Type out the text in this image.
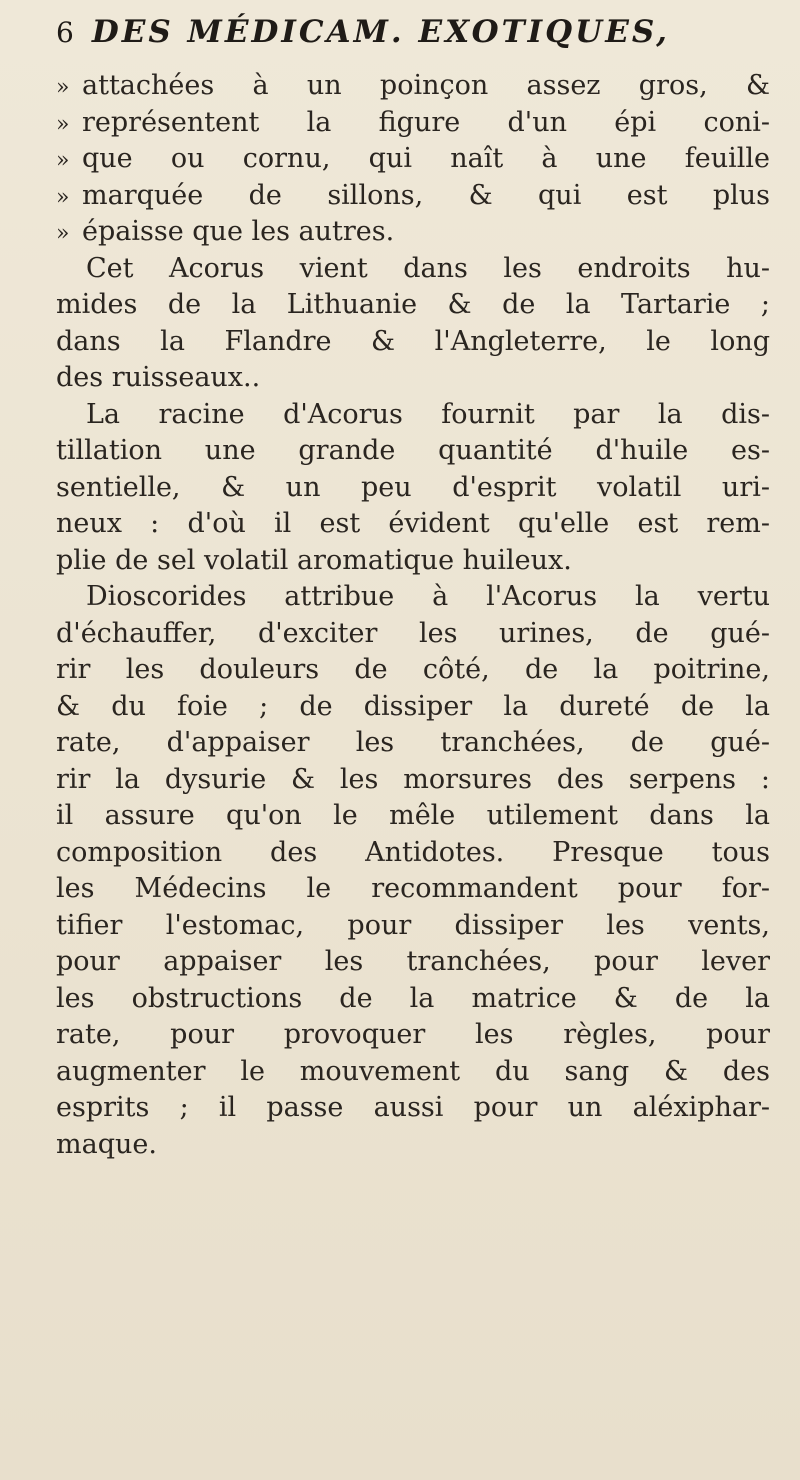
6 DES MÉDICAM. EXOTIQUES,
» attachées à un poinçon assez gros, &
» représentent la figure d'un épi coni-
» que ou cornu, qui naît à une feuille
» marquée de sillons, & qui est plus
» épaisse que les autres.
Cet Acorus vient dans les endroits hu-
mides de la Lithuanie & de la Tartarie ;
dans la Flandre & l'Angleterre, le long
des ruisseaux..
La racine d'Acorus fournit par la dis-
tillation une grande quantité d'huile es-
sentielle, & un peu d'esprit volatil uri-
neux : d'où il est évident qu'elle est rem-
plie de sel volatil aromatique huileux.
Dioscorides attribue à l'Acorus la vertu
d'échauffer, d'exciter les urines, de gué-
rir les douleurs de côté, de la poitrine,
& du foie ; de dissiper la dureté de la
rate, d'appaiser les tranchées, de gué-
rir la dysurie & les morsures des serpens :
il assure qu'on le mêle utilement dans la
composition des Antidotes. Presque tous
les Médecins le recommandent pour for-
tifier l'estomac, pour dissiper les vents,
pour appaiser les tranchées, pour lever
les obstructions de la matrice & de la
rate, pour provoquer les règles, pour
augmenter le mouvement du sang & des
esprits ; il passe aussi pour un aléxiphar-
maque.
